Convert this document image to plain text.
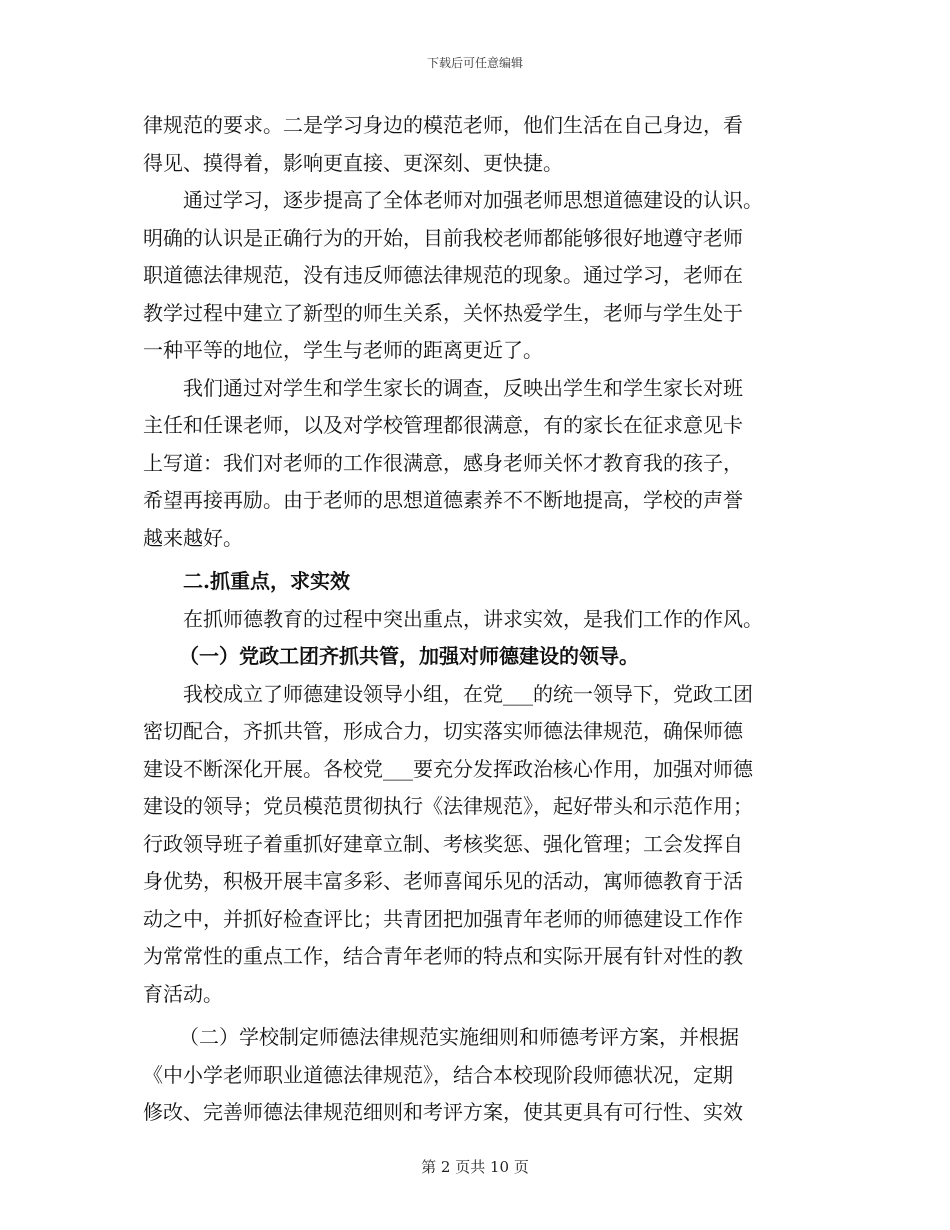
下载后可任意编辑
律规范的要求。二是学习身边的模范老师，他们生活在自己身边，看
得见、摸得着，影响更直接、更深刻、更快捷。
通过学习，逐步提高了全体老师对加强老师思想道德建设的认识。
明确的认识是正确行为的开始，目前我校老师都能够很好地遵守老师
职道德法律规范，没有违反师德法律规范的现象。通过学习，老师在
教学过程中建立了新型的师生关系，关怀热爱学生，老师与学生处于
一种平等的地位，学生与老师的距离更近了。
我们通过对学生和学生家长的调查，反映出学生和学生家长对班
主任和任课老师，以及对学校管理都很满意，有的家长在征求意见卡
上写道：我们对老师的工作很满意，感身老师关怀才教育我的孩子，
希望再接再励。由于老师的思想道德素养不不断地提高，学校的声誉
越来越好。
二.抓重点，求实效
在抓师德教育的过程中突出重点，讲求实效，是我们工作的作风。
（一）党政工团齐抓共管，加强对师德建设的领导。
我校成立了师德建设领导小组，在党___的统一领导下，党政工团
密切配合，齐抓共管，形成合力，切实落实师德法律规范，确保师德
建设不断深化开展。各校党___要充分发挥政治核心作用，加强对师德
建设的领导；党员模范贯彻执行《法律规范》，起好带头和示范作用；
行政领导班子着重抓好建章立制、考核奖惩、强化管理；工会发挥自
身优势，积极开展丰富多彩、老师喜闻乐见的活动，寓师德教育于活
动之中，并抓好检查评比；共青团把加强青年老师的师德建设工作作
为常常性的重点工作，结合青年老师的特点和实际开展有针对性的教
育活动。
（二）学校制定师德法律规范实施细则和师德考评方案，并根据
《中小学老师职业道德法律规范》，结合本校现阶段师德状况，定期
修改、完善师德法律规范细则和考评方案，使其更具有可行性、实效
第 2 页共 10 页
